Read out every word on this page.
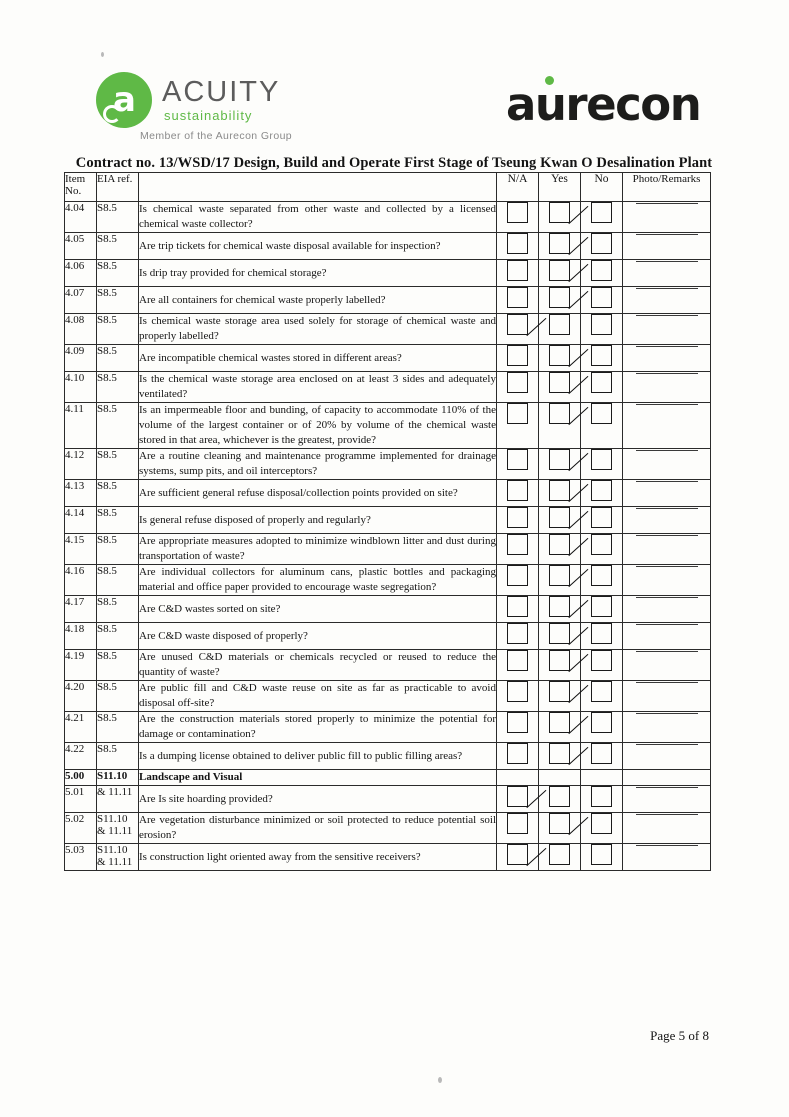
a ACUITY
sustainability
Member of the Aurecon Group
aurecon
Contract no. 13/WSD/17 Design, Build and Operate First Stage of Tseung Kwan O Desalination Plant
Item
No.	EIA ref.		N/A	Yes	No	Photo/Remarks
4.04	S8.5	Is chemical waste separated from other waste and collected by a licensed chemical waste collector?				

4.05	S8.5	Are trip tickets for chemical waste disposal available for inspection?				

4.06	S8.5	Is drip tray provided for chemical storage?				

4.07	S8.5	Are all containers for chemical waste properly labelled?				

4.08	S8.5	Is chemical waste storage area used solely for storage of chemical waste and properly labelled?				

4.09	S8.5	Are incompatible chemical wastes stored in different areas?				

4.10	S8.5	Is the chemical waste storage area enclosed on at least 3 sides and adequately ventilated?				

4.11	S8.5	Is an impermeable floor and bunding, of capacity to accommodate 110% of the volume of the largest container or of 20% by volume of the chemical waste stored in that area, whichever is the greatest, provide?				

4.12	S8.5	Are a routine cleaning and maintenance programme implemented for drainage systems, sump pits, and oil interceptors?				

4.13	S8.5	Are sufficient general refuse disposal/collection points provided on site?				

4.14	S8.5	Is general refuse disposed of properly and regularly?				

4.15	S8.5	Are appropriate measures adopted to minimize windblown litter and dust during transportation of waste?				

4.16	S8.5	Are individual collectors for aluminum cans, plastic bottles and packaging material and office paper provided to encourage waste segregation?				

4.17	S8.5	Are C&D wastes sorted on site?				

4.18	S8.5	Are C&D waste disposed of properly?				

4.19	S8.5	Are unused C&D materials or chemicals recycled or reused to reduce the quantity of waste?				

4.20	S8.5	Are public fill and C&D waste reuse on site as far as practicable to avoid disposal off-site?				

4.21	S8.5	Are the construction materials stored properly to minimize the potential for damage or contamination?				

4.22	S8.5	Is a dumping license obtained to deliver public fill to public filling areas?				

5.00	S11.10	Landscape and Visual				
5.01	& 11.11	Are Is site hoarding provided?				

5.02	S11.10 & 11.11	Are vegetation disturbance minimized or soil protected to reduce potential soil erosion?				

5.03	S11.10 & 11.11	Is construction light oriented away from the sensitive receivers?				
Page 5 of 8
